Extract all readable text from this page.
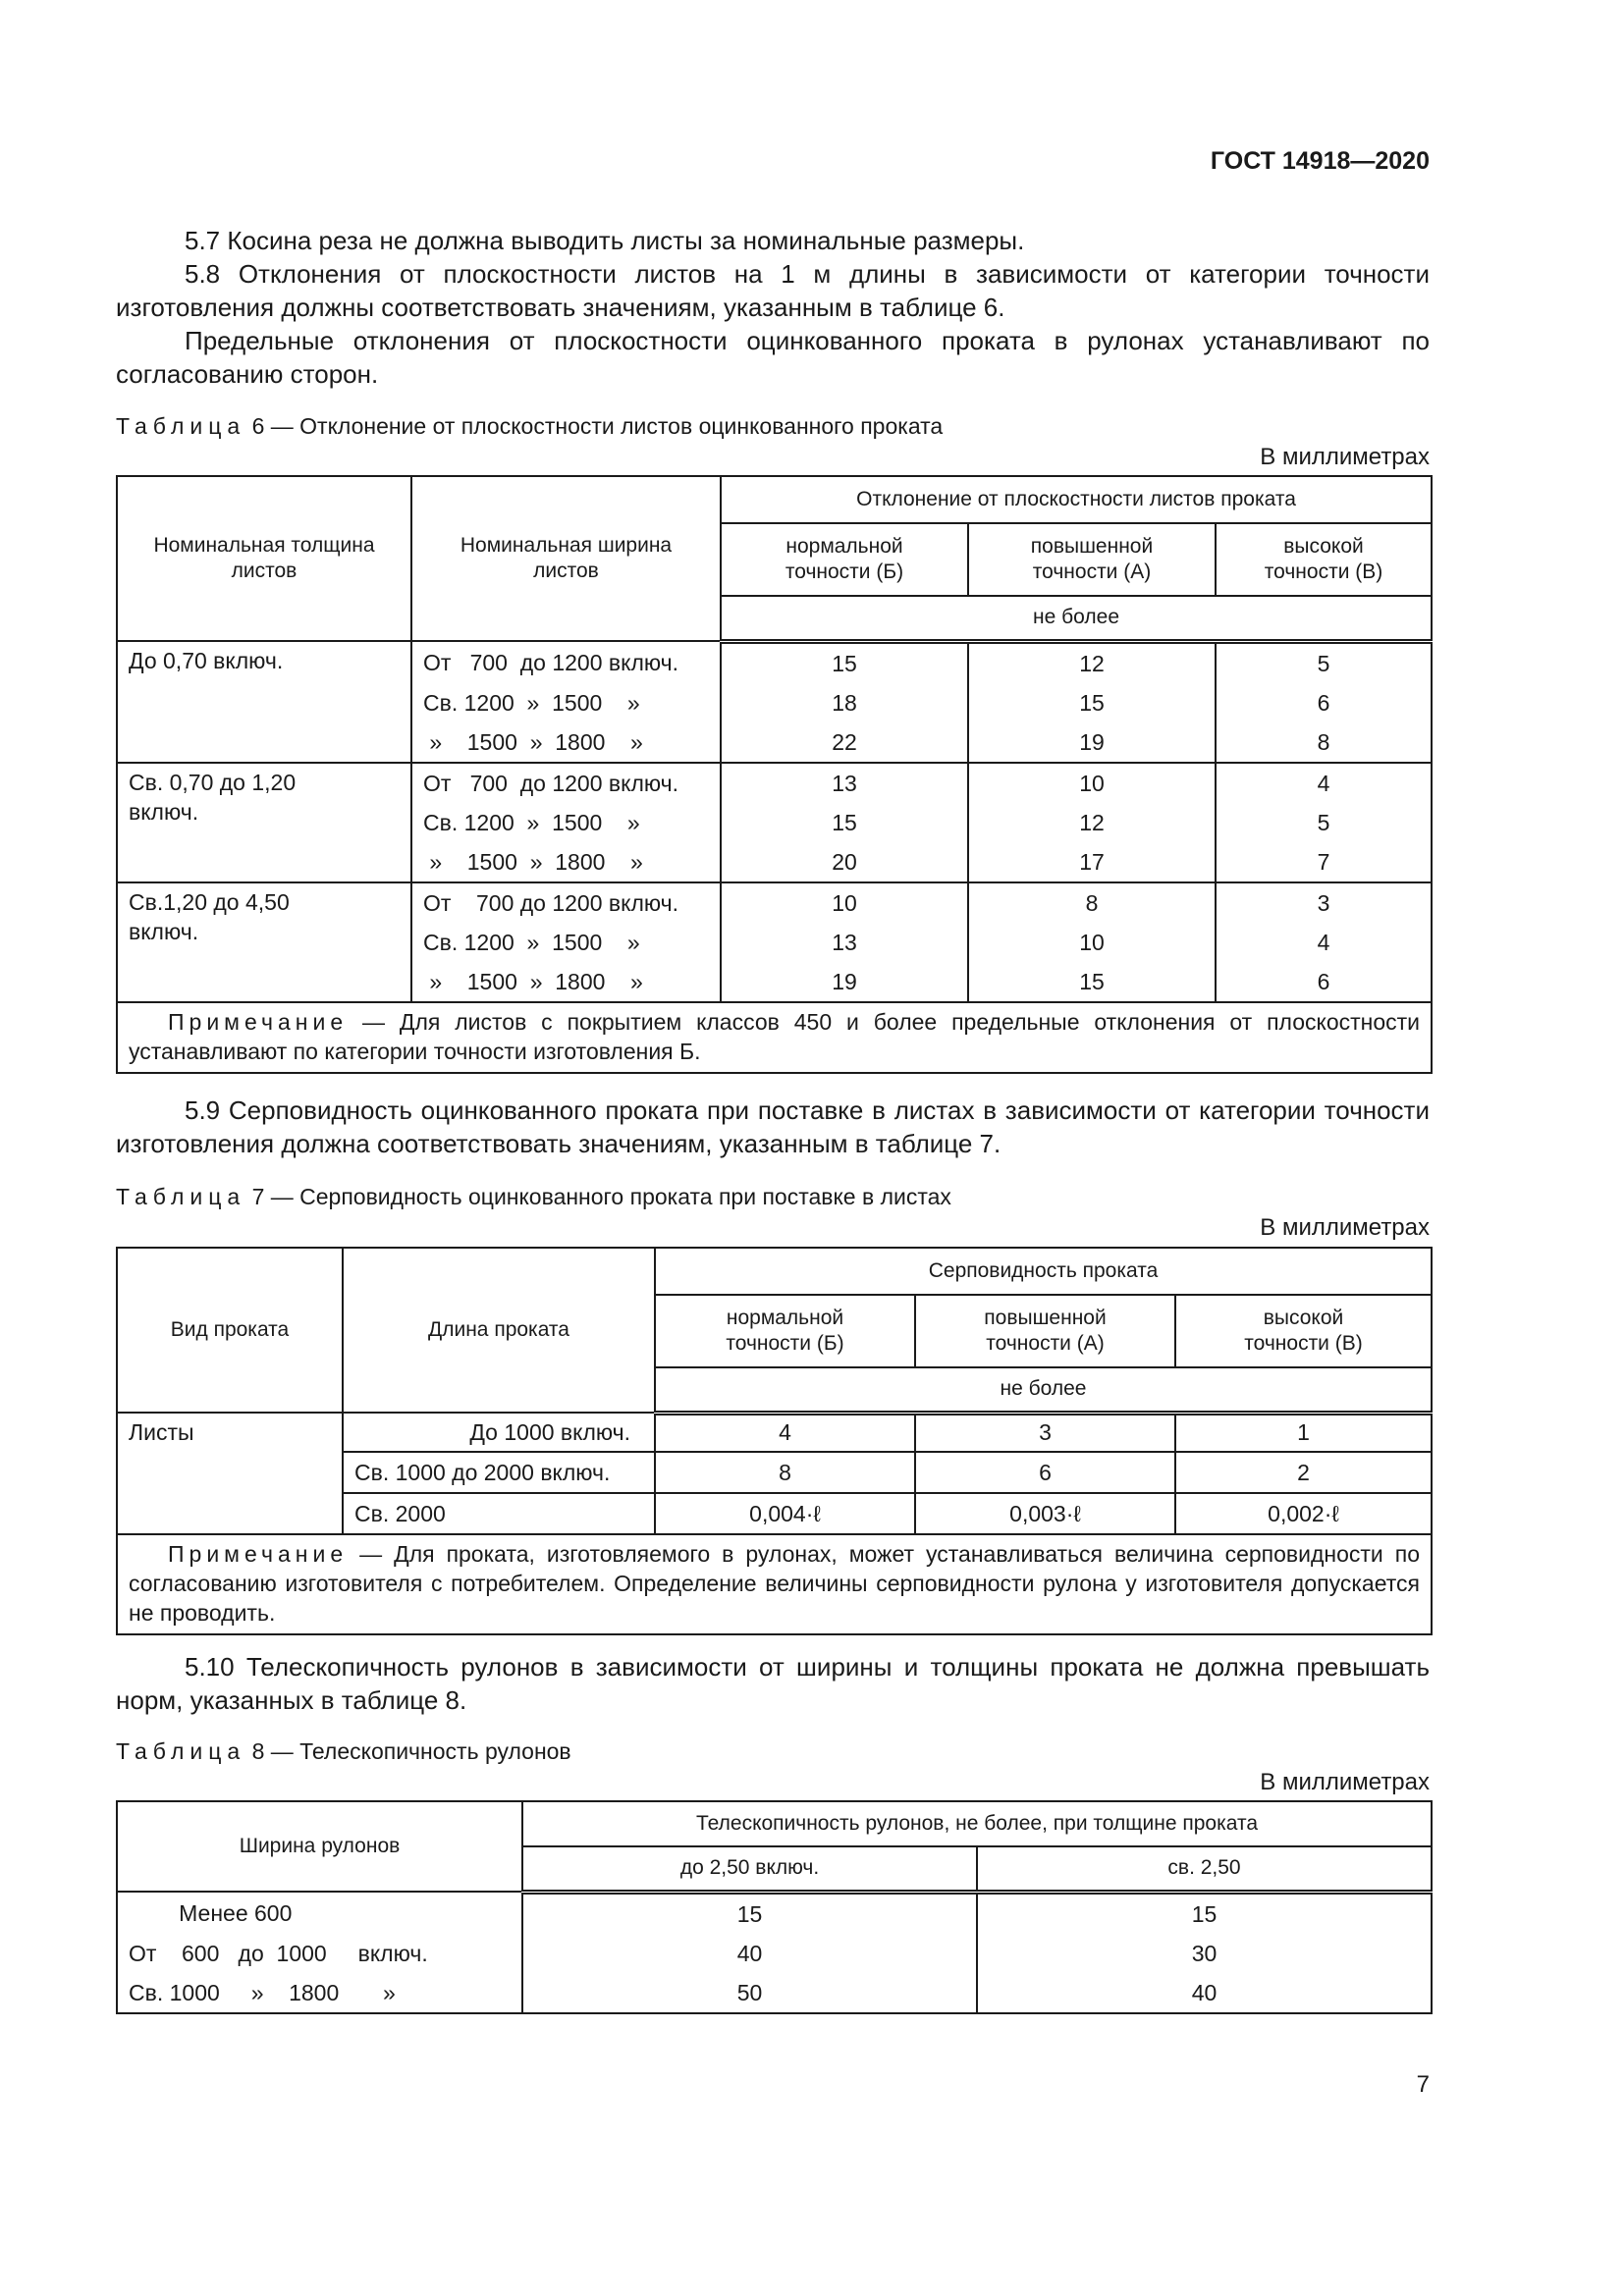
ГОСТ 14918—2020

5.7 Косина реза не должна выводить листы за номинальные размеры.

5.8 Отклонения от плоскостности листов на 1 м длины в зависимости от категории точности изготовления должны соответствовать значениям, указанным в таблице 6.

Предельные отклонения от плоскостности оцинкованного проката в рулонах устанавливают по согласованию сторон.

Таблица 6 — Отклонение от плоскостности листов оцинкованного проката
В миллиметрах
Номинальная толщина листов	Номинальная ширина листов	Отклонение от плоскостности листов проката		
		нормальной точности (Б)	повышенной точности (А)	высокой точности (В)
		не более		
До 0,70 включ.	От   700  до 1200 включ.	15	12	5
	Св. 1200  »  1500    »	18	15	6
	»    1500  »  1800    »	22	19	8
Св. 0,70 до 1,20 включ.	От   700  до 1200 включ.	13	10	4
	Св. 1200  »  1500    »	15	12	5
	»    1500  »  1800    »	20	17	7
Св.1,20 до 4,50 включ.	От    700 до 1200 включ.	10	8	3
	Св. 1200  »  1500    »	13	10	4
	»    1500  »  1800    »	19	15	6
Примечание — Для листов с покрытием классов 450 и более предельные отклонения от плоскостности устанавливают по категории точности изготовления Б.				

5.9 Серповидность оцинкованного проката при поставке в листах в зависимости от категории точности изготовления должна соответствовать значениям, указанным в таблице 7.

Таблица 7 — Серповидность оцинкованного проката при поставке в листах
В миллиметрах
Вид проката	Длина проката	Серповидность проката		
		нормальной точности (Б)	повышенной точности (А)	высокой точности (В)
		не более		
Листы	До 1000 включ.	4	3	1
	Св. 1000 до 2000 включ.	8	6	2
	Св. 2000	0,004·ℓ	0,003·ℓ	0,002·ℓ
Примечание — Для проката, изготовляемого в рулонах, может устанавливаться величина серповидности по согласованию изготовителя с потребителем. Определение величины серповидности рулона у изготовителя допускается не проводить.				

5.10 Телескопичность рулонов в зависимости от ширины и толщины проката не должна превышать норм, указанных в таблице 8.

Таблица 8 — Телескопичность рулонов
В миллиметрах
Ширина рулонов	Телескопичность рулонов, не более, при толщине проката	
	до 2,50 включ.	св. 2,50
Менее 600	15	15
От    600   до  1000     включ.	40	30
Св. 1000     »    1800       »	50	40
7
